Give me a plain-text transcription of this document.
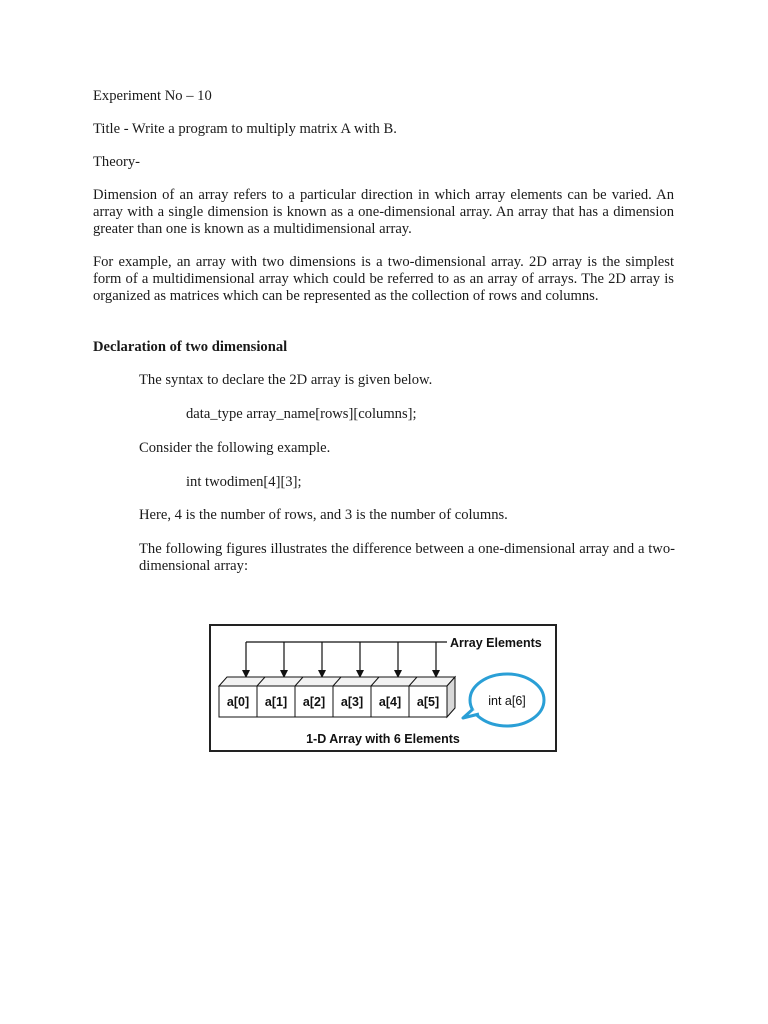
Experiment No – 10
Title - Write a program to multiply matrix A with B.
Theory-
Dimension of an array refers to a particular direction in which array elements can be varied. An array with a single dimension is known as a one-dimensional array. An array that has a dimension greater than one is known as a multidimensional array.
For example, an array with two dimensions is a two-dimensional array. 2D array is the simplest form of a multidimensional array which could be referred to as an array of arrays. The 2D array is organized as matrices which can be represented as the collection of rows and columns.
Declaration of two dimensional
The syntax to declare the 2D array is given below.
data_type array_name[rows][columns];
Consider the following example.
int twodimen[4][3];
Here, 4 is the number of rows, and 3 is the number of columns.
The following figures illustrates the difference between a one-dimensional array and a two-dimensional array:
Array Elements
a[0] a[1] a[2] a[3] a[4] a[5]	int a[6]
1-D Array with 6 Elements
